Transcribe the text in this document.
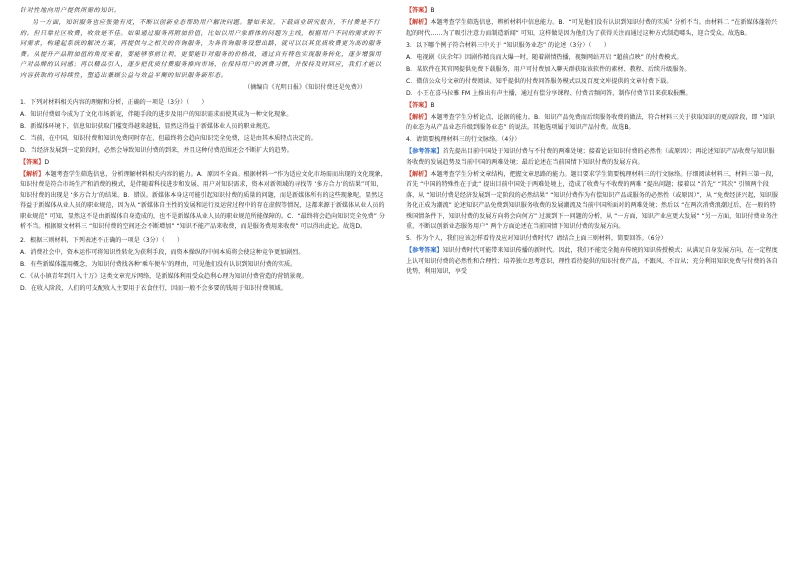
针对性地向用户提供所需的知识。

另一方面，知识服务也应张弛有度，不断以创新业态帮助用户解决问题。譬如来说，下载商业研究报告，不付费是不行的。但只靠社区收费，收效是不佳。如果通过服务再附加价值，比如以用户象群体的问题为主线，根据用户不同的需求的不同需求，构建起系统的解决方案，再提供与之相关的咨询服务，为各咨询服务设想出路，就可以以其优质收费更为高的服务费。从提升产品附加值的角度来看，要能够事前让利，更要能针对服务的价格战，通过自有特色实现服务转化，逐步增强用户对品牌的认同感；再以精品引入，逐步把优质付费服务推向市场，在保持用户的消费习惯，并保持及时回应，我们才能以内容获取的可持续性，塑造出兼顾公益与效益平衡的知识服务新形态。

（摘编自《光明日报》《知识付费还是免费》）

1．下列对材料相关内容的理解和分析，正确的一项是（3分）（　　）

A．知识付费如今成为了文化市场新宠，伴随手段的进步及用户的知识需求而使其成为一种文化现象。

B．新媒体环境下，信息知识获取门槛变得越来越低，显然这得益于新媒体业人员的职业规范。

C．当前，在中国，知识付费和知识免费同时存在，但最终将会趋向知识完全免费，这是由其本质特点决定的。

D．当经济发展到一定阶段时，必然会导致知识付费的到来，并且这种付费范围还会不断扩大的趋势。

【答案】D

【解析】本题考查学生筛选信息，分析理解材料相关内容的能力。A．原因不全面。根据材料一“作为适应文化市场需而出现的文化现象，知识付费是符合市场生产和消费的模式，是伴随着科技进步和发展、用户对知识需求，资本对新领域的寻找等 ‘多方合力’的结果”可知，知识付费的出现是 ‘多方合力’的结果。B．错误。新媒体本身这可能引起知识付费的质量的问题，而是新媒体所有的这些现象呢，显然这得益于新媒体从业人员的职业规范，因为从 “新媒体自主性的发展和运行及运营过程中的存在虚假等情况，这都来源于新媒体从业人员的职业规范” 可知，显然这不是由新媒体自身造成的，也不是新媒体从业人员的职业规范所能保障的。C．“最终将会趋向知识完全免费” 分析不当。根据原文材料三 “知识付费的空间还会不断增加” “知识不能产品来收费，而是服务费用来收费” 可以得出此论。故选D。

2．根据三则材料，下列表述不正确的一项是（3分）（　　）

A．消费社会中，资本运作可将知识性转化为获利手段，而资本操纵的中间本质将会使这种竞争更加剧烈。

B．有些新媒体滥用概念，为知识付费找各种‘乘车便车’的理由，可见他们没有认识到知识付费的实质。

C．《从小镇青年到月入十万》这类文章充斥网络，是新媒体利用受众趋利心理为知识付费营造的营销景观。

D．在收入阶段，人们的可支配收入主要用于衣食住行，因而一般不会多要的钱用于知识付费领域。

【答案】B

【解析】本题考查学生筛选信息，辨析材料中信息能力。B．“可见他们没有认识到知识付费的实质” 分析不当。由材料二 “在新媒体蓬勃兴起的时代……为了吸引注意力而制造新闻” 可知，这样做是因为他们为了获得关注而通过这种方式制造噱头，迎合受众。故选B。

3．以下哪个例子符合材料三中关于 “知识服务业态” 的论述（3分）（　　）

A．电视剧《庆余年》因剧作精良而大爆一时，随着剧情热播，视频网站开启 “超前点映” 的付费模式。

B．某软件在其官网提供免费下载服务，用户可付费加入聊天群获取该软件的素材、教程、后续升级服务。

C．微信公众号文章的付费阅读、知乎提供的付费问答服务模式以及百度文库提供的文章付费下载。

D．小王在喜马拉雅 FM 上推出有声主播，通过有偿分享课程、付费音频问答、制作付费节目来获取报酬。

【答案】B

【解析】本题考查学生分析论点、论据的能力。B．知识产品免费而后续服务收费的做法，符合材料三关于获取知识的更高阶段，即 “知识的业态为从产品业态升级到服务业态” 的说法。其他选项属于知识产品付费。故选B。

4．请简要梳理材料三的行文脉络。（4分）

【参考答案】首先提出目前中国处于知识付费与不付费的两难处境；接着论证知识付费的必然性（或原因）；再论述知识产品收费与知识服务收费的发展趋势及当前中国的两难处境；最后论述在当前国情下知识付费的发展方向。

【解析】本题考查学生分析文章结构，把握文章思路的能力。题目要求学生简要梳理材料三的行文脉络。仔细阅读材料三，材料三第一段，首先 “中国的特殊性在于此” 提出目前中国处于两难处境上，造成了收费与不收费的两难 “提出问题；接着以 “首先” “其次” 引领两个段落，从 “知识付费是经济发展到一定阶段的必然结果” “知识付费作为有偿知识产品或服务的必然性（或原因）”，从 “免费经济兴起，知识服务化正成为潮流” 论述知识产品免费到知识服务收费的发展潮流及当前中国所面对的两难处境；然后以 “在两次消费浪潮过后，在一般的特殊国情条件下，知识付费的发展方向将会向何方” 过渡到下一问题的分析，从 “一方面，知识产业应更大发展” “另一方面，知识付费业务注重，不断以创新业态服务用户” 两个方面论述在当前国情下知识付费的发展方向。

5．作为个人，我们应该怎样看待及应对知识付费时代？请结合上面三则材料，简要回答。（6分）

【参考答案】知识付费时代可能带来知识传播的新时代。因此，我们不能完全抛弃传统的知识传授模式；从满足自身发展方向，在一定程度上认可知识付费的必然性和合理性；培养独立思考意识，理性看待提供的知识付费产品，不跟风、不盲从；充分利用知识免费与付费的各自优势，利用知识，享受
